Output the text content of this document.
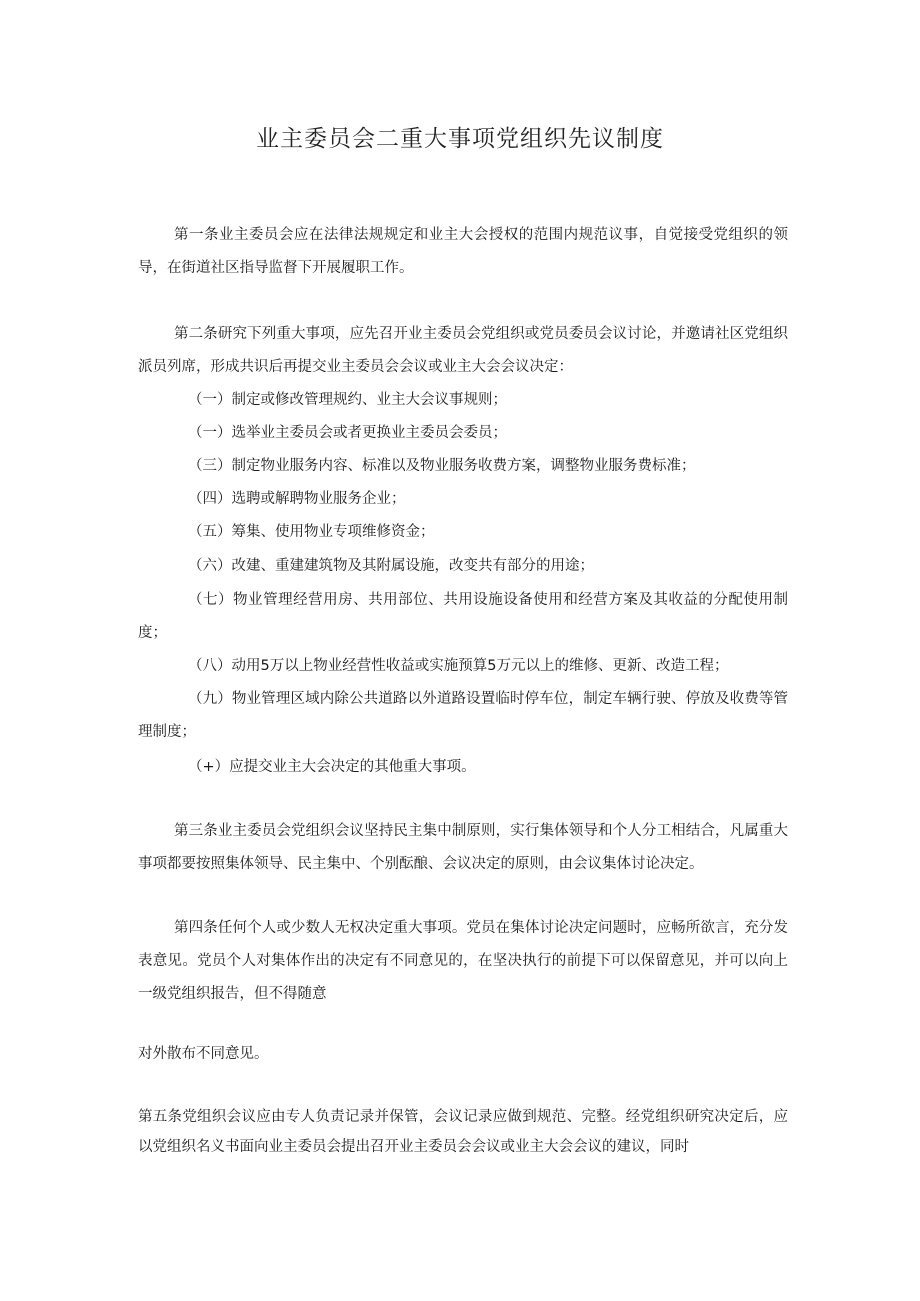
业主委员会二重大事项党组织先议制度

第一条业主委员会应在法律法规规定和业主大会授权的范围内规范议事，自觉接受党组织的领导，在街道社区指导监督下开展履职工作。

第二条研究下列重大事项，应先召开业主委员会党组织或党员委员会议讨论，并邀请社区党组织派员列席，形成共识后再提交业主委员会会议或业主大会会议决定：

（一）制定或修改管理规约、业主大会议事规则；

（一）选举业主委员会或者更换业主委员会委员；

（三）制定物业服务内容、标准以及物业服务收费方案，调整物业服务费标准；

（四）选聘或解聘物业服务企业；

（五）筹集、使用物业专项维修资金；

（六）改建、重建建筑物及其附属设施，改变共有部分的用途；

（七）物业管理经营用房、共用部位、共用设施设备使用和经营方案及其收益的分配使用制度；

（八）动用5万以上物业经营性收益或实施预算5万元以上的维修、更新、改造工程；

（九）物业管理区域内除公共道路以外道路设置临时停车位，制定车辆行驶、停放及收费等管理制度；

（+）应提交业主大会决定的其他重大事项。

第三条业主委员会党组织会议坚持民主集中制原则，实行集体领导和个人分工相结合，凡属重大事项都要按照集体领导、民主集中、个别酝酿、会议决定的原则，由会议集体讨论决定。

第四条任何个人或少数人无权决定重大事项。党员在集体讨论决定问题时，应畅所欲言，充分发表意见。党员个人对集体作出的决定有不同意见的，在坚决执行的前提下可以保留意见，并可以向上一级党组织报告，但不得随意

对外散布不同意见。

第五条党组织会议应由专人负责记录并保管，会议记录应做到规范、完整。经党组织研究决定后，应以党组织名义书面向业主委员会提出召开业主委员会会议或业主大会会议的建议，同时
